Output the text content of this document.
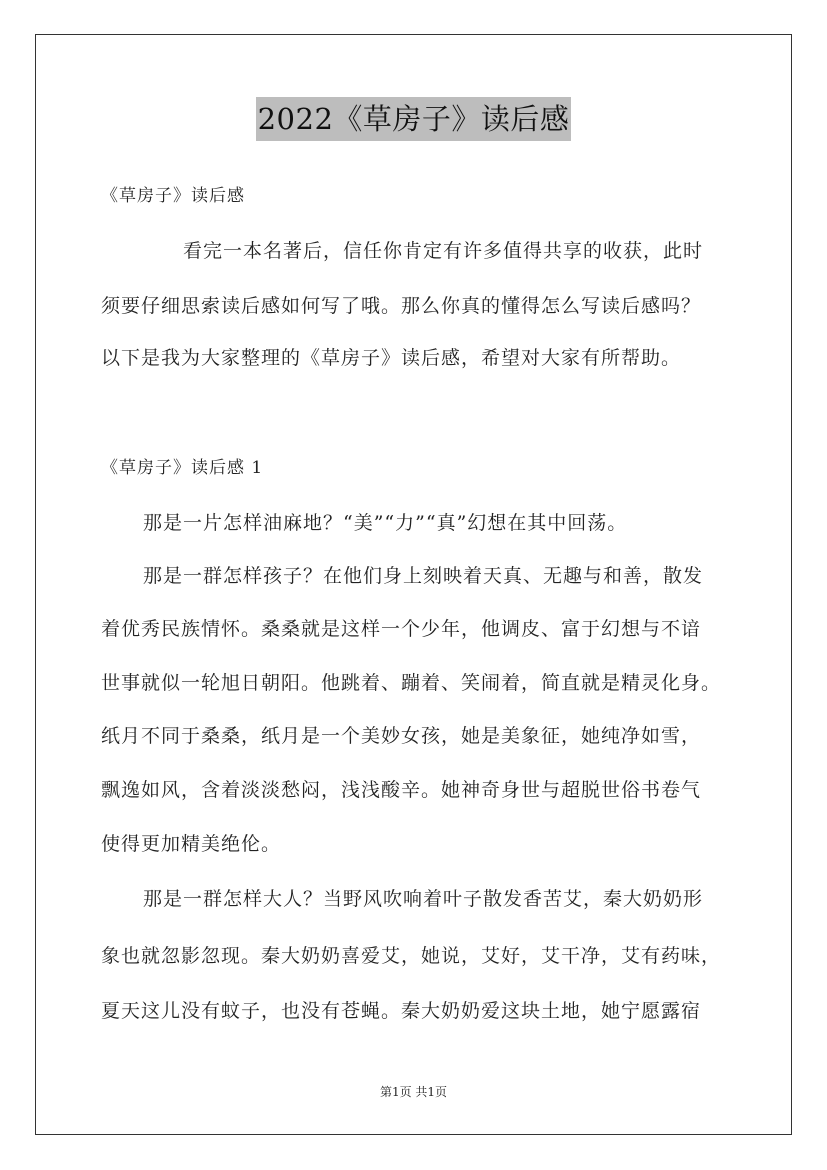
2022《草房子》读后感

《草房子》读后感

看完一本名著后，信任你肯定有许多值得共享的收获，此时

须要仔细思索读后感如何写了哦。那么你真的懂得怎么写读后感吗？

以下是我为大家整理的《草房子》读后感，希望对大家有所帮助。

《草房子》读后感 1

那是一片怎样油麻地？“美”“力”“真”幻想在其中回荡。

那是一群怎样孩子？在他们身上刻映着天真、无趣与和善，散发

着优秀民族情怀。桑桑就是这样一个少年，他调皮、富于幻想与不谙

世事就似一轮旭日朝阳。他跳着、蹦着、笑闹着，简直就是精灵化身。

纸月不同于桑桑，纸月是一个美妙女孩，她是美象征，她纯净如雪，

飘逸如风，含着淡淡愁闷，浅浅酸辛。她神奇身世与超脱世俗书卷气

使得更加精美绝伦。

那是一群怎样大人？当野风吹响着叶子散发香苦艾，秦大奶奶形

象也就忽影忽现。秦大奶奶喜爱艾，她说，艾好，艾干净，艾有药味，

夏天这儿没有蚊子，也没有苍蝇。秦大奶奶爱这块土地，她宁愿露宿

第1页 共1页
